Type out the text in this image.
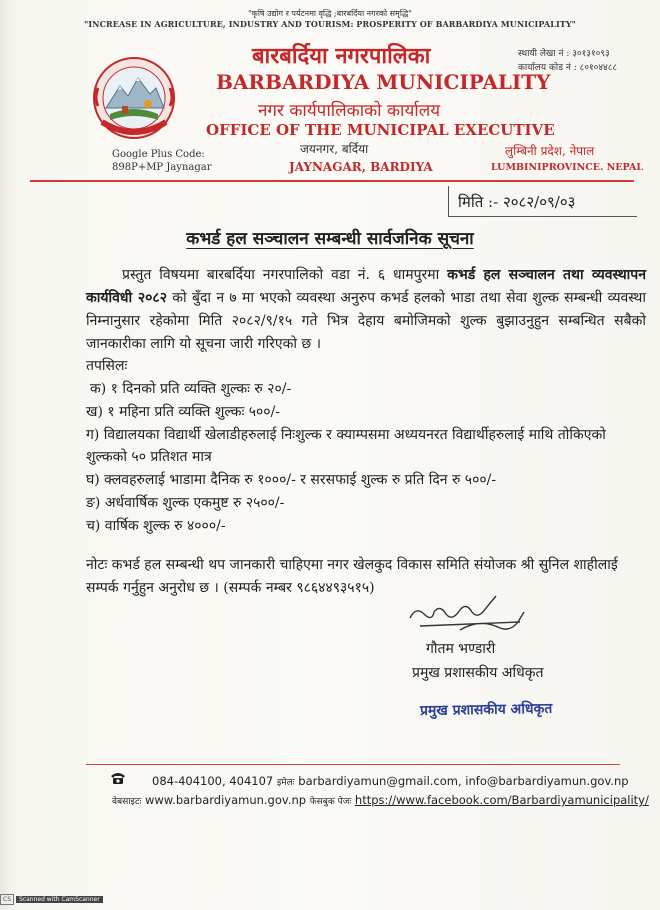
"कृषि उद्योग र पर्यटनमा वृद्धि ;बारबर्दिया नगरको समृद्धि"
"INCREASE IN AGRICULTURE, INDUSTRY AND TOURISM: PROSPERITY OF BARBARDIYA MUNICIPALITY"
बारबर्दिया नगरपालिका
BARBARDIYA MUNICIPALITY
नगर कार्यपालिकाको कार्यालय
OFFICE OF THE MUNICIPAL EXECUTIVE
जयनगर, बर्दिया
JAYNAGAR, BARDIYA
स्थायी लेखा नं : ३०१३१०९३
कार्यालय कोड नं : ८०१०४४८८
लुम्बिनी प्रदेश, नेपाल
LUMBINIPROVINCE. NEPAL
Google Plus Code:
898P+MP Jaynagar
मिति :- २०८२/०९/०३
कभर्ड हल सञ्चालन सम्बन्धी सार्वजनिक सूचना
प्रस्तुत विषयमा बारबर्दिया नगरपालिको वडा नं. ६ धामपुरमा कभर्ड हल सञ्चालन तथा व्यवस्थापन कार्यविधी २०८२ को बुँदा न ७ मा भएको व्यवस्था अनुरुप कभर्ड हलको भाडा तथा सेवा शुल्क सम्बन्धी व्यवस्था निम्नानुसार रहेकोमा मिति २०८२/९/१५ गते भित्र देहाय बमोजिमको शुल्क बुझाउनुहुन सम्बन्धित सबैको जानकारीका लागि यो सूचना जारी गरिएको छ ।
तपसिलः
क) १ दिनको प्रति व्यक्ति शुल्कः रु २०/-
ख) १ महिना प्रति व्यक्ति शुल्कः ५००/-
ग) विद्यालयका विद्यार्थी खेलाडीहरुलाई निःशुल्क र क्याम्पसमा अध्ययनरत विद्यार्थीहरुलाई माथि तोकिएको
शुल्कको ५० प्रतिशत मात्र
घ) क्लवहरुलाई भाडामा दैनिक रु १०००/- र सरसफाई शुल्क रु प्रति दिन रु ५००/-
ङ) अर्धवार्षिक शुल्क एकमुष्ट रु २५००/-
च) वार्षिक शुल्क रु ४०००/-
नोटः कभर्ड हल सम्बन्धी थप जानकारी चाहिएमा नगर खेलकुद विकास समिति संयोजक श्री सुनिल शाहीलाई
सम्पर्क गर्नुहुन अनुरोध छ । (सम्पर्क नम्बर ९८६४४९३५१५)
गौतम भण्डारी
प्रमुख प्रशासकीय अधिकृत
प्रमुख प्रशासकीय अधिकृत
084-404100, 404107 इमेलः barbardiyamun@gmail.com, info@barbardiyamun.gov.np
वेबसाइटः www.barbardiyamun.gov.np फेसबुक पेजः https://www.facebook.com/Barbardiyamunicipality/
CS Scanned with CamScanner
